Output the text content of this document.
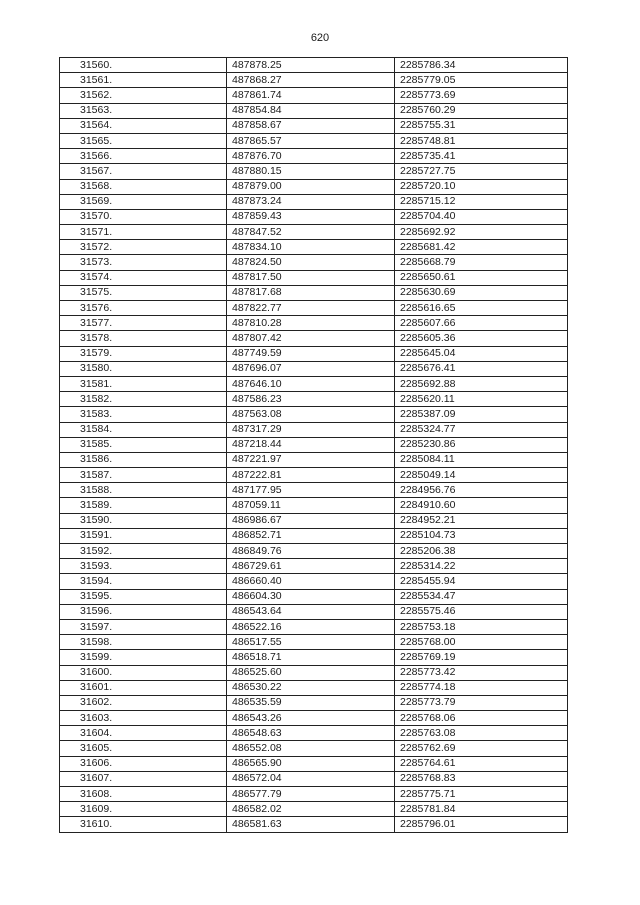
620
31560.	487878.25	2285786.34
31561.	487868.27	2285779.05
31562.	487861.74	2285773.69
31563.	487854.84	2285760.29
31564.	487858.67	2285755.31
31565.	487865.57	2285748.81
31566.	487876.70	2285735.41
31567.	487880.15	2285727.75
31568.	487879.00	2285720.10
31569.	487873.24	2285715.12
31570.	487859.43	2285704.40
31571.	487847.52	2285692.92
31572.	487834.10	2285681.42
31573.	487824.50	2285668.79
31574.	487817.50	2285650.61
31575.	487817.68	2285630.69
31576.	487822.77	2285616.65
31577.	487810.28	2285607.66
31578.	487807.42	2285605.36
31579.	487749.59	2285645.04
31580.	487696.07	2285676.41
31581.	487646.10	2285692.88
31582.	487586.23	2285620.11
31583.	487563.08	2285387.09
31584.	487317.29	2285324.77
31585.	487218.44	2285230.86
31586.	487221.97	2285084.11
31587.	487222.81	2285049.14
31588.	487177.95	2284956.76
31589.	487059.11	2284910.60
31590.	486986.67	2284952.21
31591.	486852.71	2285104.73
31592.	486849.76	2285206.38
31593.	486729.61	2285314.22
31594.	486660.40	2285455.94
31595.	486604.30	2285534.47
31596.	486543.64	2285575.46
31597.	486522.16	2285753.18
31598.	486517.55	2285768.00
31599.	486518.71	2285769.19
31600.	486525.60	2285773.42
31601.	486530.22	2285774.18
31602.	486535.59	2285773.79
31603.	486543.26	2285768.06
31604.	486548.63	2285763.08
31605.	486552.08	2285762.69
31606.	486565.90	2285764.61
31607.	486572.04	2285768.83
31608.	486577.79	2285775.71
31609.	486582.02	2285781.84
31610.	486581.63	2285796.01
